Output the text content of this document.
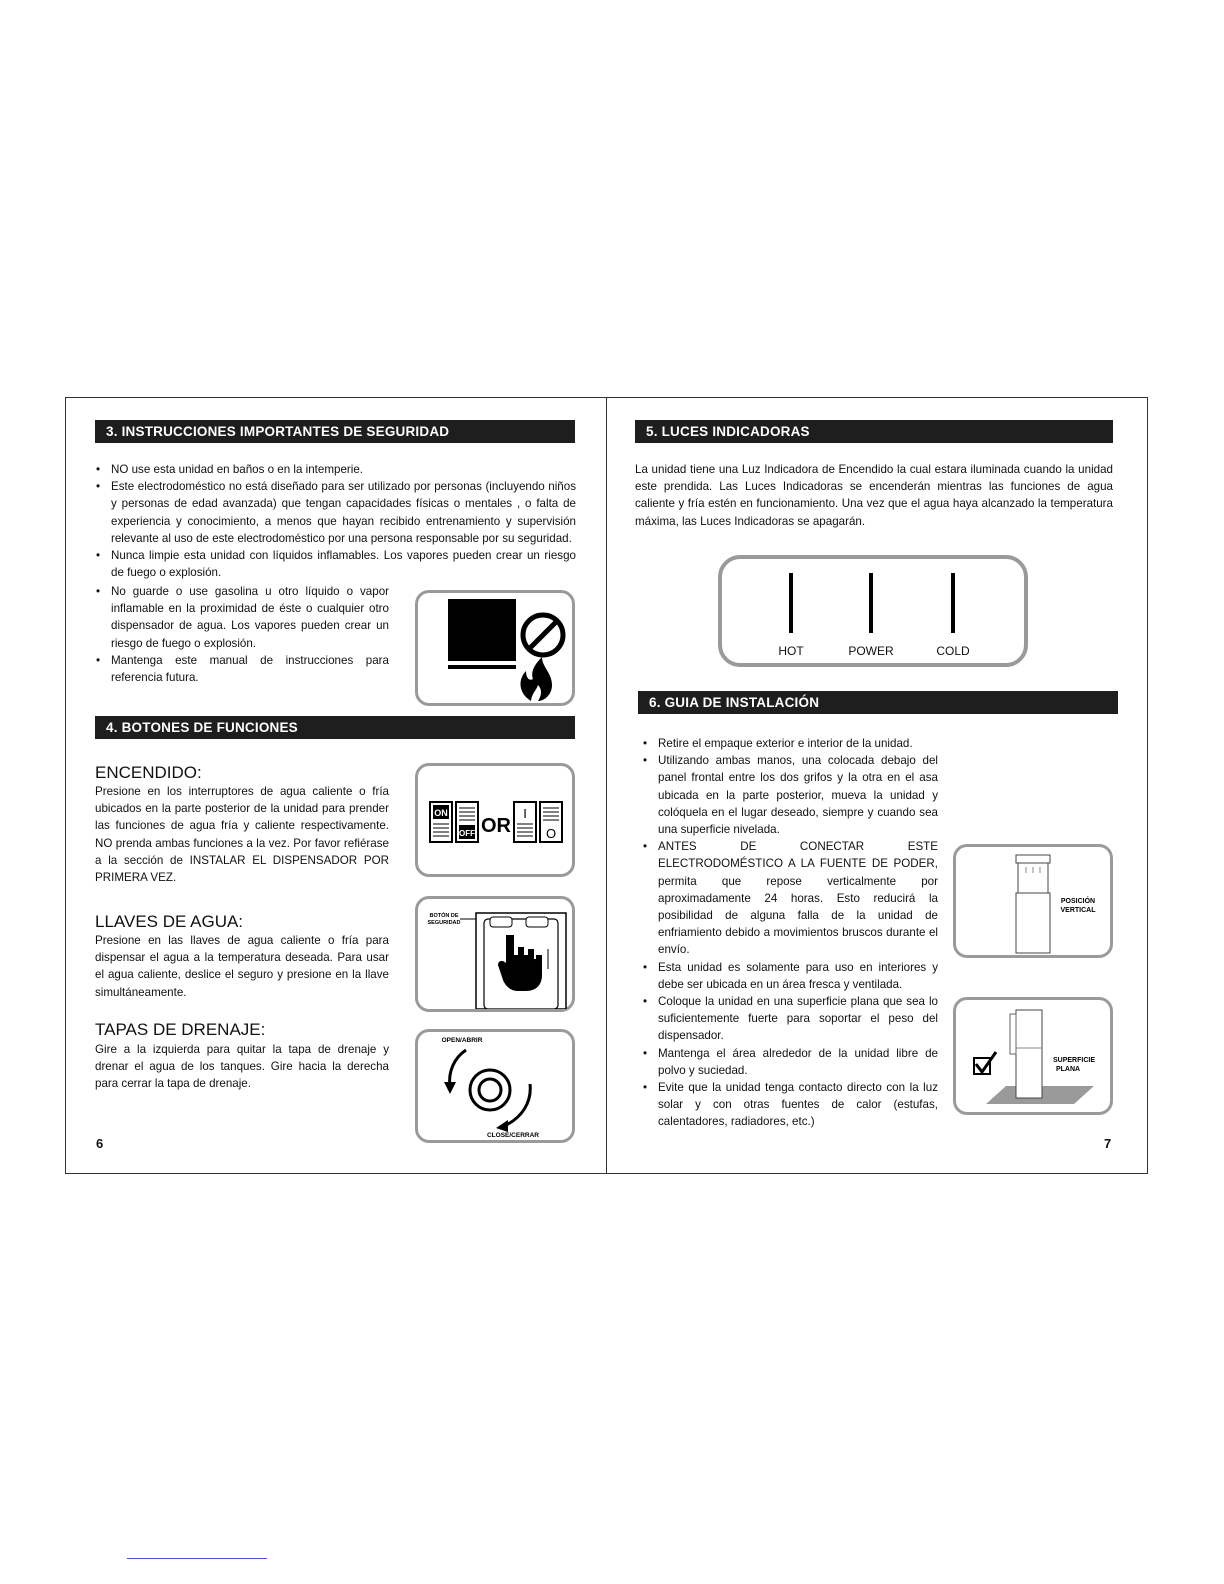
3. INSTRUCCIONES IMPORTANTES DE SEGURIDAD
• NO use esta unidad en baños o en la intemperie.
• Este electrodoméstico no está diseñado para ser utilizado por personas (incluyendo niños y personas de edad avanzada) que tengan capacidades físicas o mentales , o falta de experiencia y conocimiento, a menos que hayan recibido entrenamiento y supervisión relevante al uso de este electrodoméstico por una persona responsable por su seguridad.
• Nunca limpie esta unidad con líquidos inflamables. Los vapores pueden crear un riesgo de fuego o explosión.
• No guarde o use gasolina u otro líquido o vapor inflamable en la proximidad de éste o cualquier otro dispensador de agua. Los vapores pueden crear un riesgo de fuego o explosión.
• Mantenga este manual de instrucciones para referencia futura.
4. BOTONES DE FUNCIONES
ENCENDIDO:
Presione en los interruptores de agua caliente o fría ubicados en la parte posterior de la unidad para prender las funciones de agua fría y caliente respectivamente. NO prenda ambas funciones a la vez. Por favor refiérase a la sección de INSTALAR EL DISPENSADOR POR PRIMERA VEZ.
ON
OFF OR
I
O
LLAVES DE AGUA:
Presione en las llaves de agua caliente o fría para dispensar el agua a la temperatura deseada. Para usar el agua caliente, deslice el seguro y presione en la llave simultáneamente.
BOTÓN DE
SEGURIDAD
TAPAS DE DRENAJE:
Gire a la izquierda para quitar la tapa de drenaje y drenar el agua de los tanques. Gire hacia la derecha para cerrar la tapa de drenaje.
OPEN/ABRIR
CLOSE/CERRAR
6
5. LUCES INDICADORAS
La unidad tiene una Luz Indicadora de Encendido la cual estara iluminada cuando la unidad este prendida. Las Luces Indicadoras se encenderán mientras las funciones de agua caliente y fría estén en funcionamiento. Una vez que el agua haya alcanzado la temperatura máxima, las Luces Indicadoras se apagarán.
HOT	POWER	COLD
6. GUIA DE INSTALACIÓN
• Retire el empaque exterior e interior de la unidad.
• Utilizando ambas manos, una colocada debajo del panel frontal entre los dos grifos y la otra en el asa ubicada en la parte posterior, mueva la unidad y colóquela en el lugar deseado, siempre y cuando sea una superficie nivelada.
• ANTES DE CONECTAR ESTE ELECTRODOMÉSTICO A LA FUENTE DE PODER, permita que repose verticalmente por aproximadamente 24 horas. Esto reducirá la posibilidad de alguna falla de la unidad de enfriamiento debido a movimientos bruscos durante el envío.
• Esta unidad es solamente para uso en interiores y debe ser ubicada en un área fresca y ventilada.
• Coloque la unidad en una superficie plana que sea lo suficientemente fuerte para soportar el peso del dispensador.
• Mantenga el área alrededor de la unidad libre de polvo y suciedad.
• Evite que la unidad tenga contacto directo con la luz solar y con otras fuentes de calor (estufas, calentadores, radiadores, etc.)
POSICIÓN
VERTICAL
SUPERFICIE
PLANA
7
